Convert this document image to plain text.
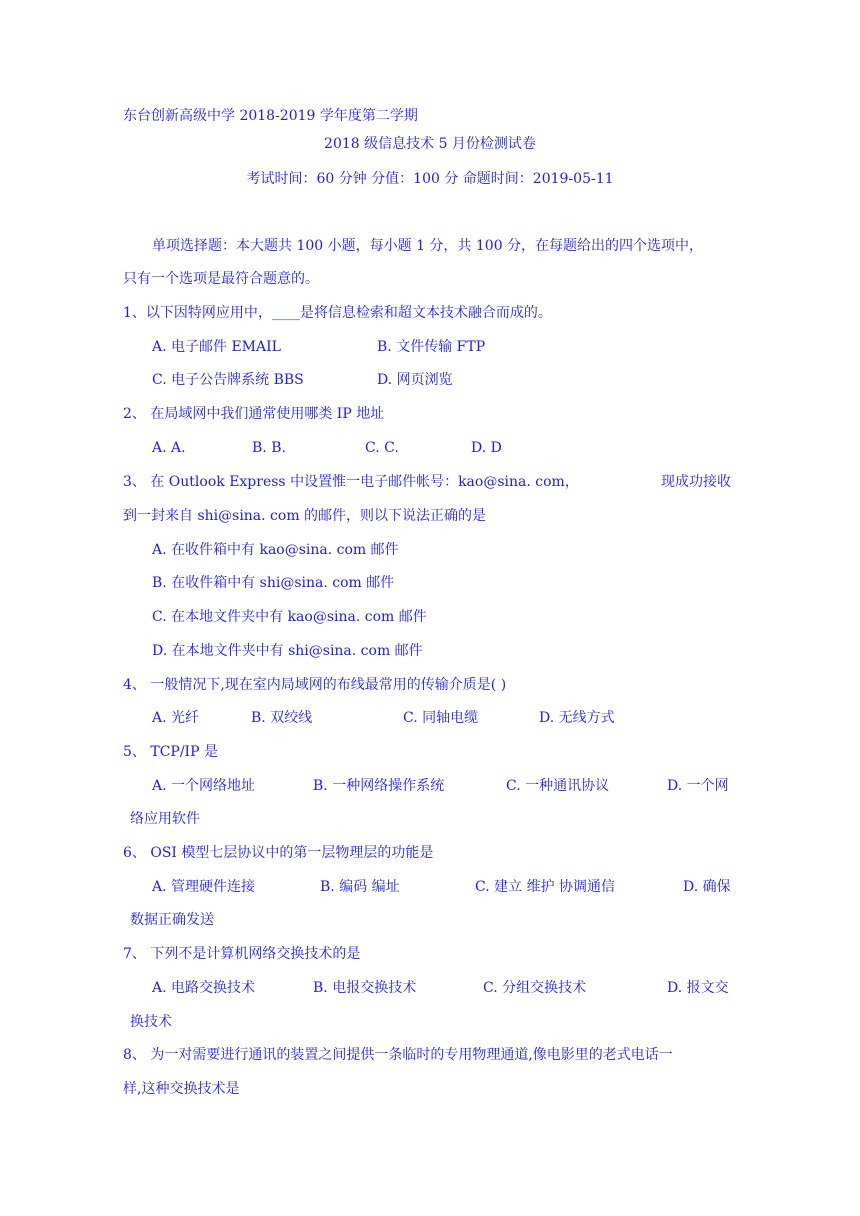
东台创新高级中学 2018-2019 学年度第二学期
2018 级信息技术 5 月份检测试卷
考试时间：60 分钟 分值：100 分 命题时间：2019-05-11
单项选择题：本大题共 100 小题，每小题 1 分，共 100 分，在每题给出的四个选项中，
只有一个选项是最符合题意的。
1、以下因特网应用中，____是将信息检索和超文本技术融合而成的。
A. 电子邮件 EMAIL	B. 文件传输 FTP
C. 电子公告牌系统 BBS	D. 网页浏览
2、 在局域网中我们通常使用哪类 IP 地址
A. A.	B. B.	C. C.	D. D
3、 在 Outlook Express 中设置惟一电子邮件帐号：kao@sina. com，	现成功接收
到一封来自 shi@sina. com 的邮件，则以下说法正确的是
A. 在收件箱中有 kao@sina. com 邮件
B. 在收件箱中有 shi@sina. com 邮件
C. 在本地文件夹中有 kao@sina. com 邮件
D. 在本地文件夹中有 shi@sina. com 邮件
4、 一般情况下,现在室内局域网的布线最常用的传输介质是( )
A. 光纤	B. 双绞线	C. 同轴电缆	D. 无线方式
5、 TCP/IP 是
A. 一个网络地址	B. 一种网络操作系统	C. 一种通讯协议	D. 一个网
络应用软件
6、 OSI 模型七层协议中的第一层物理层的功能是
A. 管理硬件连接	B. 编码 编址	C. 建立 维护 协调通信	D. 确保
数据正确发送
7、 下列不是计算机网络交换技术的是
A. 电路交换技术	B. 电报交换技术	C. 分组交换技术	D. 报文交
换技术
8、 为一对需要进行通讯的装置之间提供一条临时的专用物理通道,像电影里的老式电话一
样,这种交换技术是
